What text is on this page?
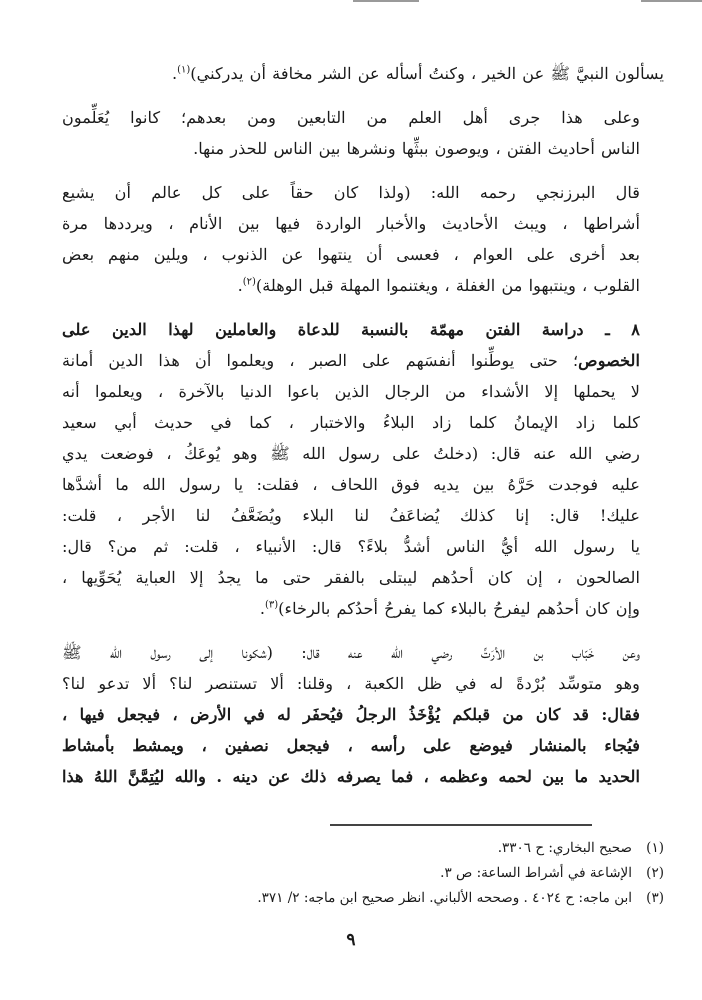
يسألون النبيَّ ﷺ عن الخير ، وكنتُ أسأله عن الشر مخافة أن يدركني)$^{(١)}$.

وعلى هذا جرى أهل العلم من التابعين ومن بعدهم؛ كانوا يُعَلِّمون
الناس أحاديث الفتن ، ويوصون ببثِّها ونشرها بين الناس للحذر منها.

قال البرزنجي رحمه الله: (ولذا كان حقاً على كل عالم أن يشيع
أشراطها ، ويبث الأحاديث والأخبار الواردة فيها بين الأنام ، ويرددها مرة
بعد أخرى على العوام ، فعسى أن ينتهوا عن الذنوب ، ويلين منهم بعض
القلوب ، وينتبهوا من الغفلة ، ويغتنموا المهلة قبل الوهلة)$^{(٢)}$.

٨ ـ دراسة الفتن مهمّة بالنسبة للدعاة والعاملين لهذا الدين على
الخصوص؛ حتى يوطِّنوا أنفسَهم على الصبر ، ويعلموا أن هذا الدين أمانة
لا يحملها إلا الأشداء من الرجال الذين باعوا الدنيا بالآخرة ، ويعلموا أنه
كلما زاد الإيمانُ كلما زاد البلاءُ والاختبار ، كما في حديث أبي سعيد
رضي الله عنه قال: (دخلتُ على رسول الله ﷺ وهو يُوعَكُ ، فوضعت يدي
عليه فوجدت حَرَّهُ بين يديه فوق اللحاف ، فقلت: يا رسول الله ما أشدَّها
عليك! قال: إنا كذلك يُضاعَفُ لنا البلاء ويُضَعَّفُ لنا الأجر ، قلت:
يا رسول الله أيُّ الناس أشدُّ بلاءً؟ قال: الأنبياء ، قلت: ثم من؟ قال:
الصالحون ، إن كان أحدُهم ليبتلى بالفقر حتى ما يجدُ إلا العباية يُحَوِّيها ،
وإن كان أحدُهم ليفرحُ بالبلاء كما يفرحُ أحدُكم بالرخاء)$^{(٣)}$.

وعن خَبّاب بن الأرَتِّ رضي الله عنه قال: (شكونا إلى رسول الله ﷺ
وهو متوسِّد بُرْدةً له في ظل الكعبة ، وقلنا: ألا تستنصر لنا؟ ألا تدعو لنا؟
فقال: قد كان من قبلكم يُؤْخَذُ الرجلُ فيُحفَر له في الأرض ، فيجعل فيها ،
فيُجاء بالمنشار فيوضع على رأسه ، فيجعل نصفين ، ويمشط بأمشاط
الحديد ما بين لحمه وعظمه ، فما يصرفه ذلك عن دينه . والله ليُتِمَّنَّ اللهُ هذا

(١)
صحيح البخاري: ح ٣٣٠٦.
(٢)
الإشاعة في أشراط الساعة: ص ٣.
(٣)
ابن ماجه: ح ٤٠٢٤ . وصححه الألباني. انظر صحيح ابن ماجه: ٢/ ٣٧١.
٩
